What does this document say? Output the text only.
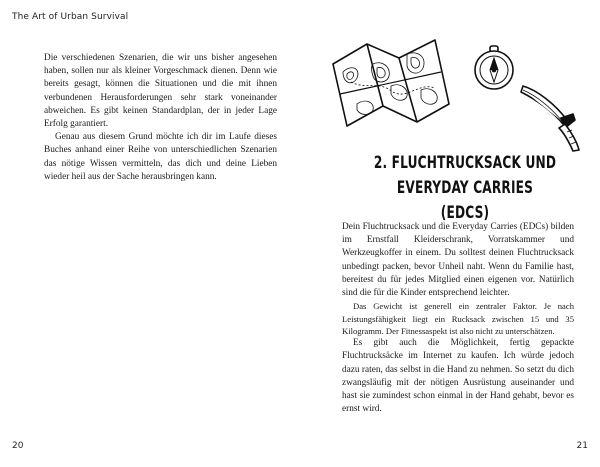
The Art of Urban Survival

Die verschiedenen Szenarien, die wir uns bisher angesehen haben, sollen nur als kleiner Vorgeschmack dienen. Denn wie bereits gesagt, können die Situationen und die mit ihnen verbundenen Herausforderungen sehr stark voneinander abweichen. Es gibt keinen Standardplan, der in jeder Lage Erfolg garantiert.

Genau aus diesem Grund möchte ich dir im Laufe dieses Buches anhand einer Reihe von unterschiedlichen Szenarien das nötige Wissen vermitteln, das dich und deine Lieben wieder heil aus der Sache herausbringen kann.

20
2. FLUCHTRUCKSACK UND
EVERYDAY CARRIES (EDCS)

Dein Fluchtrucksack und die Everyday Carries (EDCs) bilden im Ernstfall Kleiderschrank, Vorratskammer und Werkzeugkoffer in einem. Du solltest deinen Fluchtrucksack unbedingt packen, bevor Unheil naht. Wenn du Familie hast, bereitest du für jedes Mitglied einen eigenen vor. Natürlich sind die für die Kinder entsprechend leichter.

Das Gewicht ist generell ein zentraler Faktor. Je nach Leistungsfähigkeit liegt ein Rucksack zwischen 15 und 35 Kilogramm. Der Fitnessaspekt ist also nicht zu unterschätzen.

Es gibt auch die Möglichkeit, fertig gepackte Fluchtrucksäcke im Internet zu kaufen. Ich würde jedoch dazu raten, das selbst in die Hand zu nehmen. So setzt du dich zwangsläufig mit der nötigen Ausrüstung auseinander und hast sie zumindest schon einmal in der Hand gehabt, bevor es ernst wird.

21
